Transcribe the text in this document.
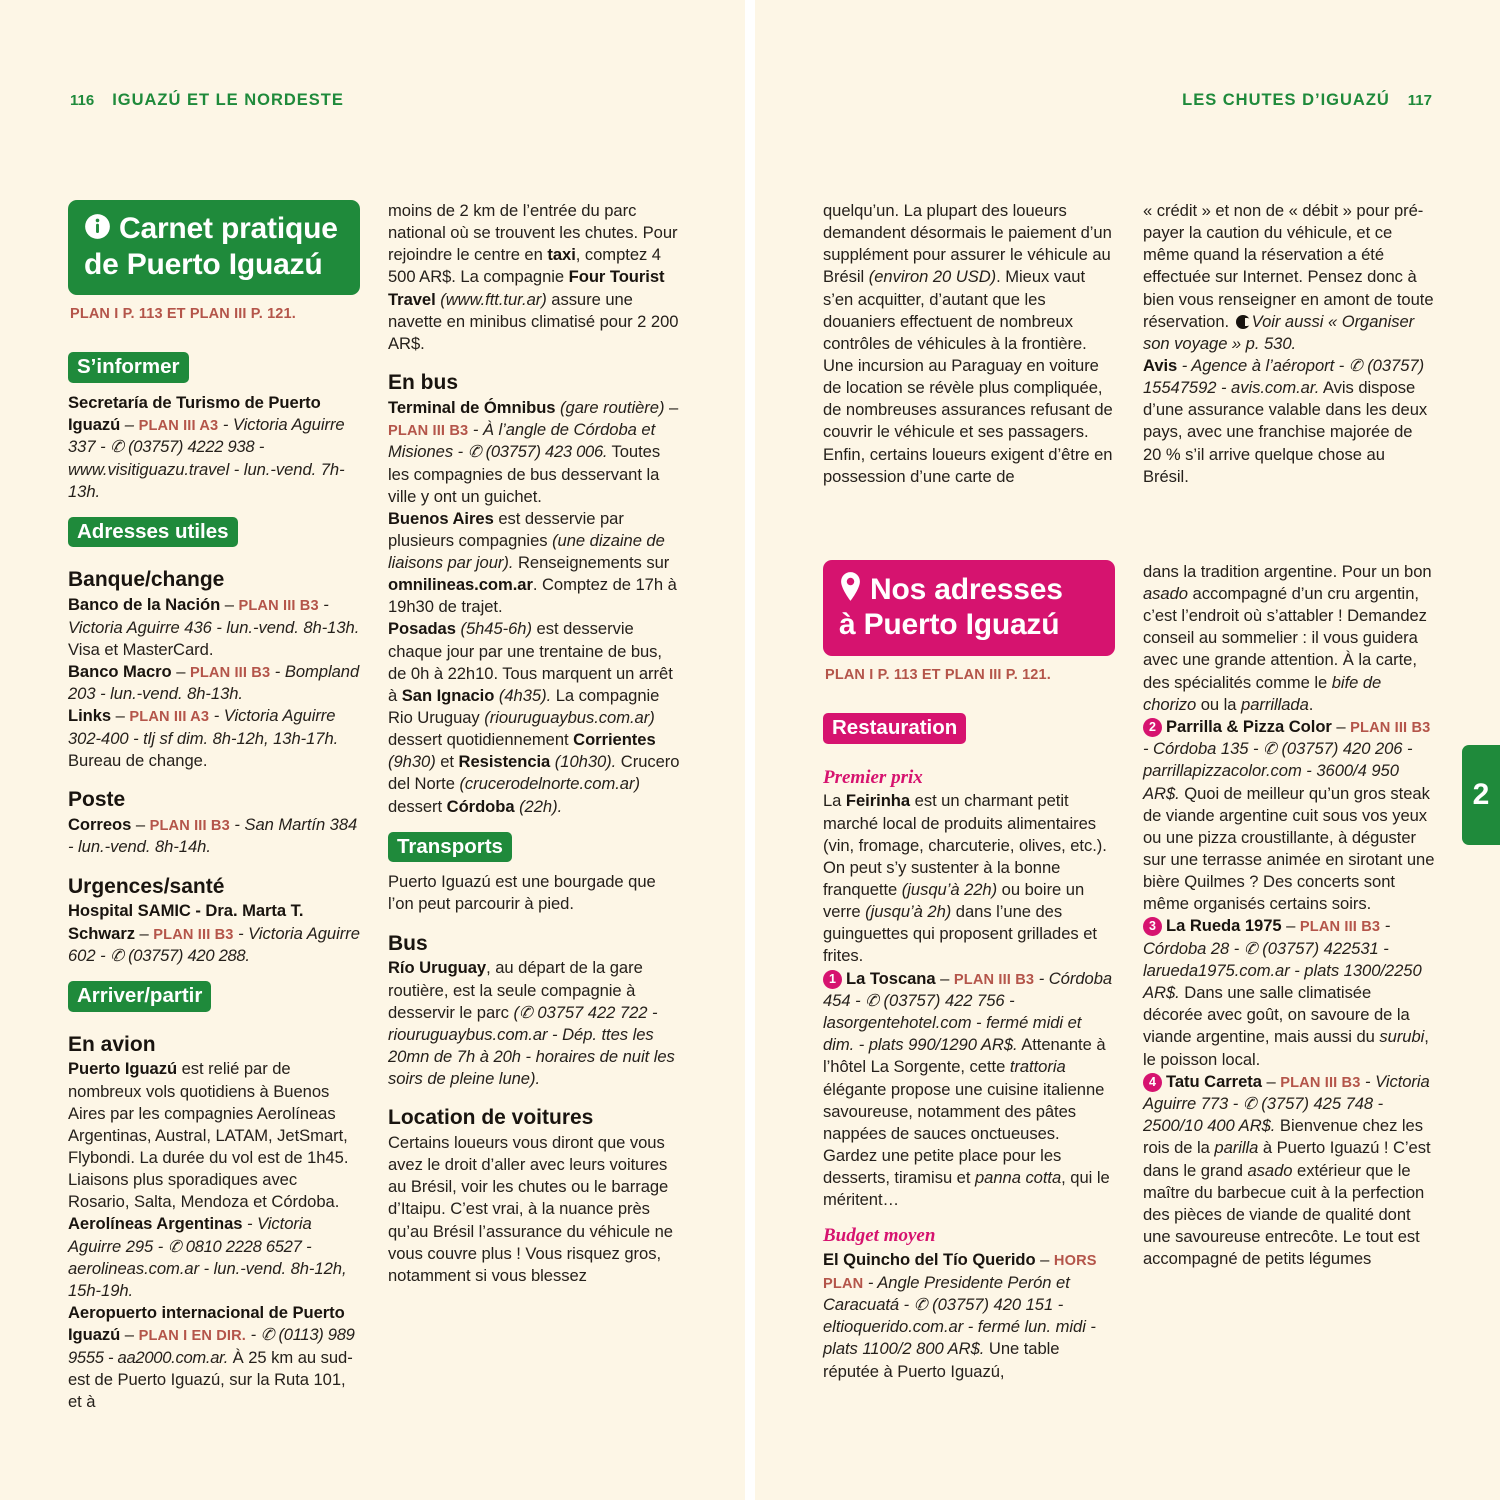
116 IGUAZÚ ET LE NORDESTE
Carnet pratique
de Puerto Iguazú
PLAN I P. 113 ET PLAN III P. 121.
S’informer

Secretaría de Turismo de Puerto Iguazú – PLAN III A3 - Victoria Aguirre 337 - ✆ (03757) 4222 938 - www.visitiguazu.travel - lun.-vend. 7h-13h.

Adresses utiles
Banque/change

Banco de la Nación – PLAN III B3 - Victoria Aguirre 436 - lun.-vend. 8h-13h. Visa et MasterCard.

Banco Macro – PLAN III B3 - Bompland 203 - lun.-vend. 8h-13h.

Links – PLAN III A3 - Victoria Aguirre 302-400 - tlj sf dim. 8h-12h, 13h-17h. Bureau de change.

Poste

Correos – PLAN III B3 - San Martín 384 - lun.-vend. 8h-14h.

Urgences/santé

Hospital SAMIC - Dra. Marta T. Schwarz – PLAN III B3 - Victoria Aguirre 602 - ✆ (03757) 420 288.

Arriver/partir
En avion

Puerto Iguazú est relié par de nombreux vols quotidiens à Buenos Aires par les compagnies Aerolíneas Argentinas, Austral, LATAM, JetSmart, Flybondi. La durée du vol est de 1h45. Liaisons plus sporadiques avec Rosario, Salta, Mendoza et Córdoba.

Aerolíneas Argentinas - Victoria Aguirre 295 - ✆ 0810 2228 6527 - aerolineas.com.ar - lun.-vend. 8h-12h, 15h-19h.

Aeropuerto internacional de Puerto Iguazú – PLAN I EN DIR. - ✆ (0113) 989 9555 - aa2000.com.ar. À 25 km au sud-est de Puerto Iguazú, sur la Ruta 101, et à

moins de 2 km de l’entrée du parc national où se trouvent les chutes. Pour rejoindre le centre en taxi, comptez 4 500 AR$. La compagnie Four Tourist Travel (www.ftt.tur.ar) assure une navette en minibus climatisé pour 2 200 AR$.

En bus

Terminal de Ómnibus (gare routière) – PLAN III B3 - À l’angle de Córdoba et Misiones - ✆ (03757) 423 006. Toutes les compagnies de bus desservant la ville y ont un guichet.

Buenos Aires est desservie par plusieurs compagnies (une dizaine de liaisons par jour). Renseignements sur omnilineas.com.ar. Comptez de 17h à 19h30 de trajet.

Posadas (5h45-6h) est desservie chaque jour par une trentaine de bus, de 0h à 22h10. Tous marquent un arrêt à San Ignacio (4h35). La compagnie Rio Uruguay (riouruguaybus.com.ar) dessert quotidiennement Corrientes (9h30) et Resistencia (10h30). Crucero del Norte (crucerodelnorte.com.ar) dessert Córdoba (22h).

Transports

Puerto Iguazú est une bourgade que l’on peut parcourir à pied.

Bus

Río Uruguay, au départ de la gare routière, est la seule compagnie à desservir le parc (✆ 03757 422 722 - riouruguaybus.com.ar - Dép. ttes les 20mn de 7h à 20h - horaires de nuit les soirs de pleine lune).

Location de voitures

Certains loueurs vous diront que vous avez le droit d’aller avec leurs voitures au Brésil, voir les chutes ou le barrage d’Itaipu. C’est vrai, à la nuance près qu’au Brésil l’assurance du véhicule ne vous couvre plus ! Vous risquez gros, notamment si vous blessez

LES CHUTES D’IGUAZÚ 117
2

quelqu’un. La plupart des loueurs demandent désormais le paiement d’un supplément pour assurer le véhicule au Brésil (environ 20 USD). Mieux vaut s’en acquitter, d’autant que les douaniers effectuent de nombreux contrôles de véhicules à la frontière. Une incursion au Paraguay en voiture de location se révèle plus compliquée, de nombreuses assurances refusant de couvrir le véhicule et ses passagers. Enfin, certains loueurs exigent d’être en possession d’une carte de

Nos adresses
à Puerto Iguazú
PLAN I P. 113 ET PLAN III P. 121.
Restauration
Premier prix

La Feirinha est un charmant petit marché local de produits alimentaires (vin, fromage, charcuterie, olives, etc.). On peut s’y sustenter à la bonne franquette (jusqu’à 22h) ou boire un verre (jusqu’à 2h) dans l’une des guinguettes qui proposent grillades et frites.

1 La Toscana – PLAN III B3 - Córdoba 454 - ✆ (03757) 422 756 - lasorgentehotel.com - fermé midi et dim. - plats 990/1290 AR$. Attenante à l’hôtel La Sorgente, cette trattoria élégante propose une cuisine italienne savoureuse, notamment des pâtes nappées de sauces onctueuses. Gardez une petite place pour les desserts, tiramisu et panna cotta, qui le méritent…

Budget moyen

El Quincho del Tío Querido – HORS PLAN - Angle Presidente Perón et Caracuatá - ✆ (03757) 420 151 - eltioquerido.com.ar - fermé lun. midi - plats 1100/2 800 AR$. Une table réputée à Puerto Iguazú,

« crédit » et non de « débit » pour pré-payer la caution du véhicule, et ce même quand la réservation a été effectuée sur Internet. Pensez donc à bien vous renseigner en amont de toute réservation. Voir aussi « Organiser son voyage » p. 530.

Avis - Agence à l’aéroport - ✆ (03757) 15547592 - avis.com.ar. Avis dispose d’une assurance valable dans les deux pays, avec une franchise majorée de 20 % s’il arrive quelque chose au Brésil.

dans la tradition argentine. Pour un bon asado accompagné d’un cru argentin, c’est l’endroit où s’attabler ! Demandez conseil au sommelier : il vous guidera avec une grande attention. À la carte, des spécialités comme le bife de chorizo ou la parrillada.

2 Parrilla & Pizza Color – PLAN III B3 - Córdoba 135 - ✆ (03757) 420 206 - parrillapizzacolor.com - 3600/4 950 AR$. Quoi de meilleur qu’un gros steak de viande argentine cuit sous vos yeux ou une pizza croustillante, à déguster sur une terrasse animée en sirotant une bière Quilmes ? Des concerts sont même organisés certains soirs.

3 La Rueda 1975 – PLAN III B3 - Córdoba 28 - ✆ (03757) 422531 - larueda1975.com.ar - plats 1300/2250 AR$. Dans une salle climatisée décorée avec goût, on savoure de la viande argentine, mais aussi du surubi, le poisson local.

4 Tatu Carreta – PLAN III B3 - Victoria Aguirre 773 - ✆ (3757) 425 748 - 2500/10 400 AR$. Bienvenue chez les rois de la parilla à Puerto Iguazú ! C’est dans le grand asado extérieur que le maître du barbecue cuit à la perfection des pièces de viande de qualité dont une savoureuse entrecôte. Le tout est accompagné de petits légumes
